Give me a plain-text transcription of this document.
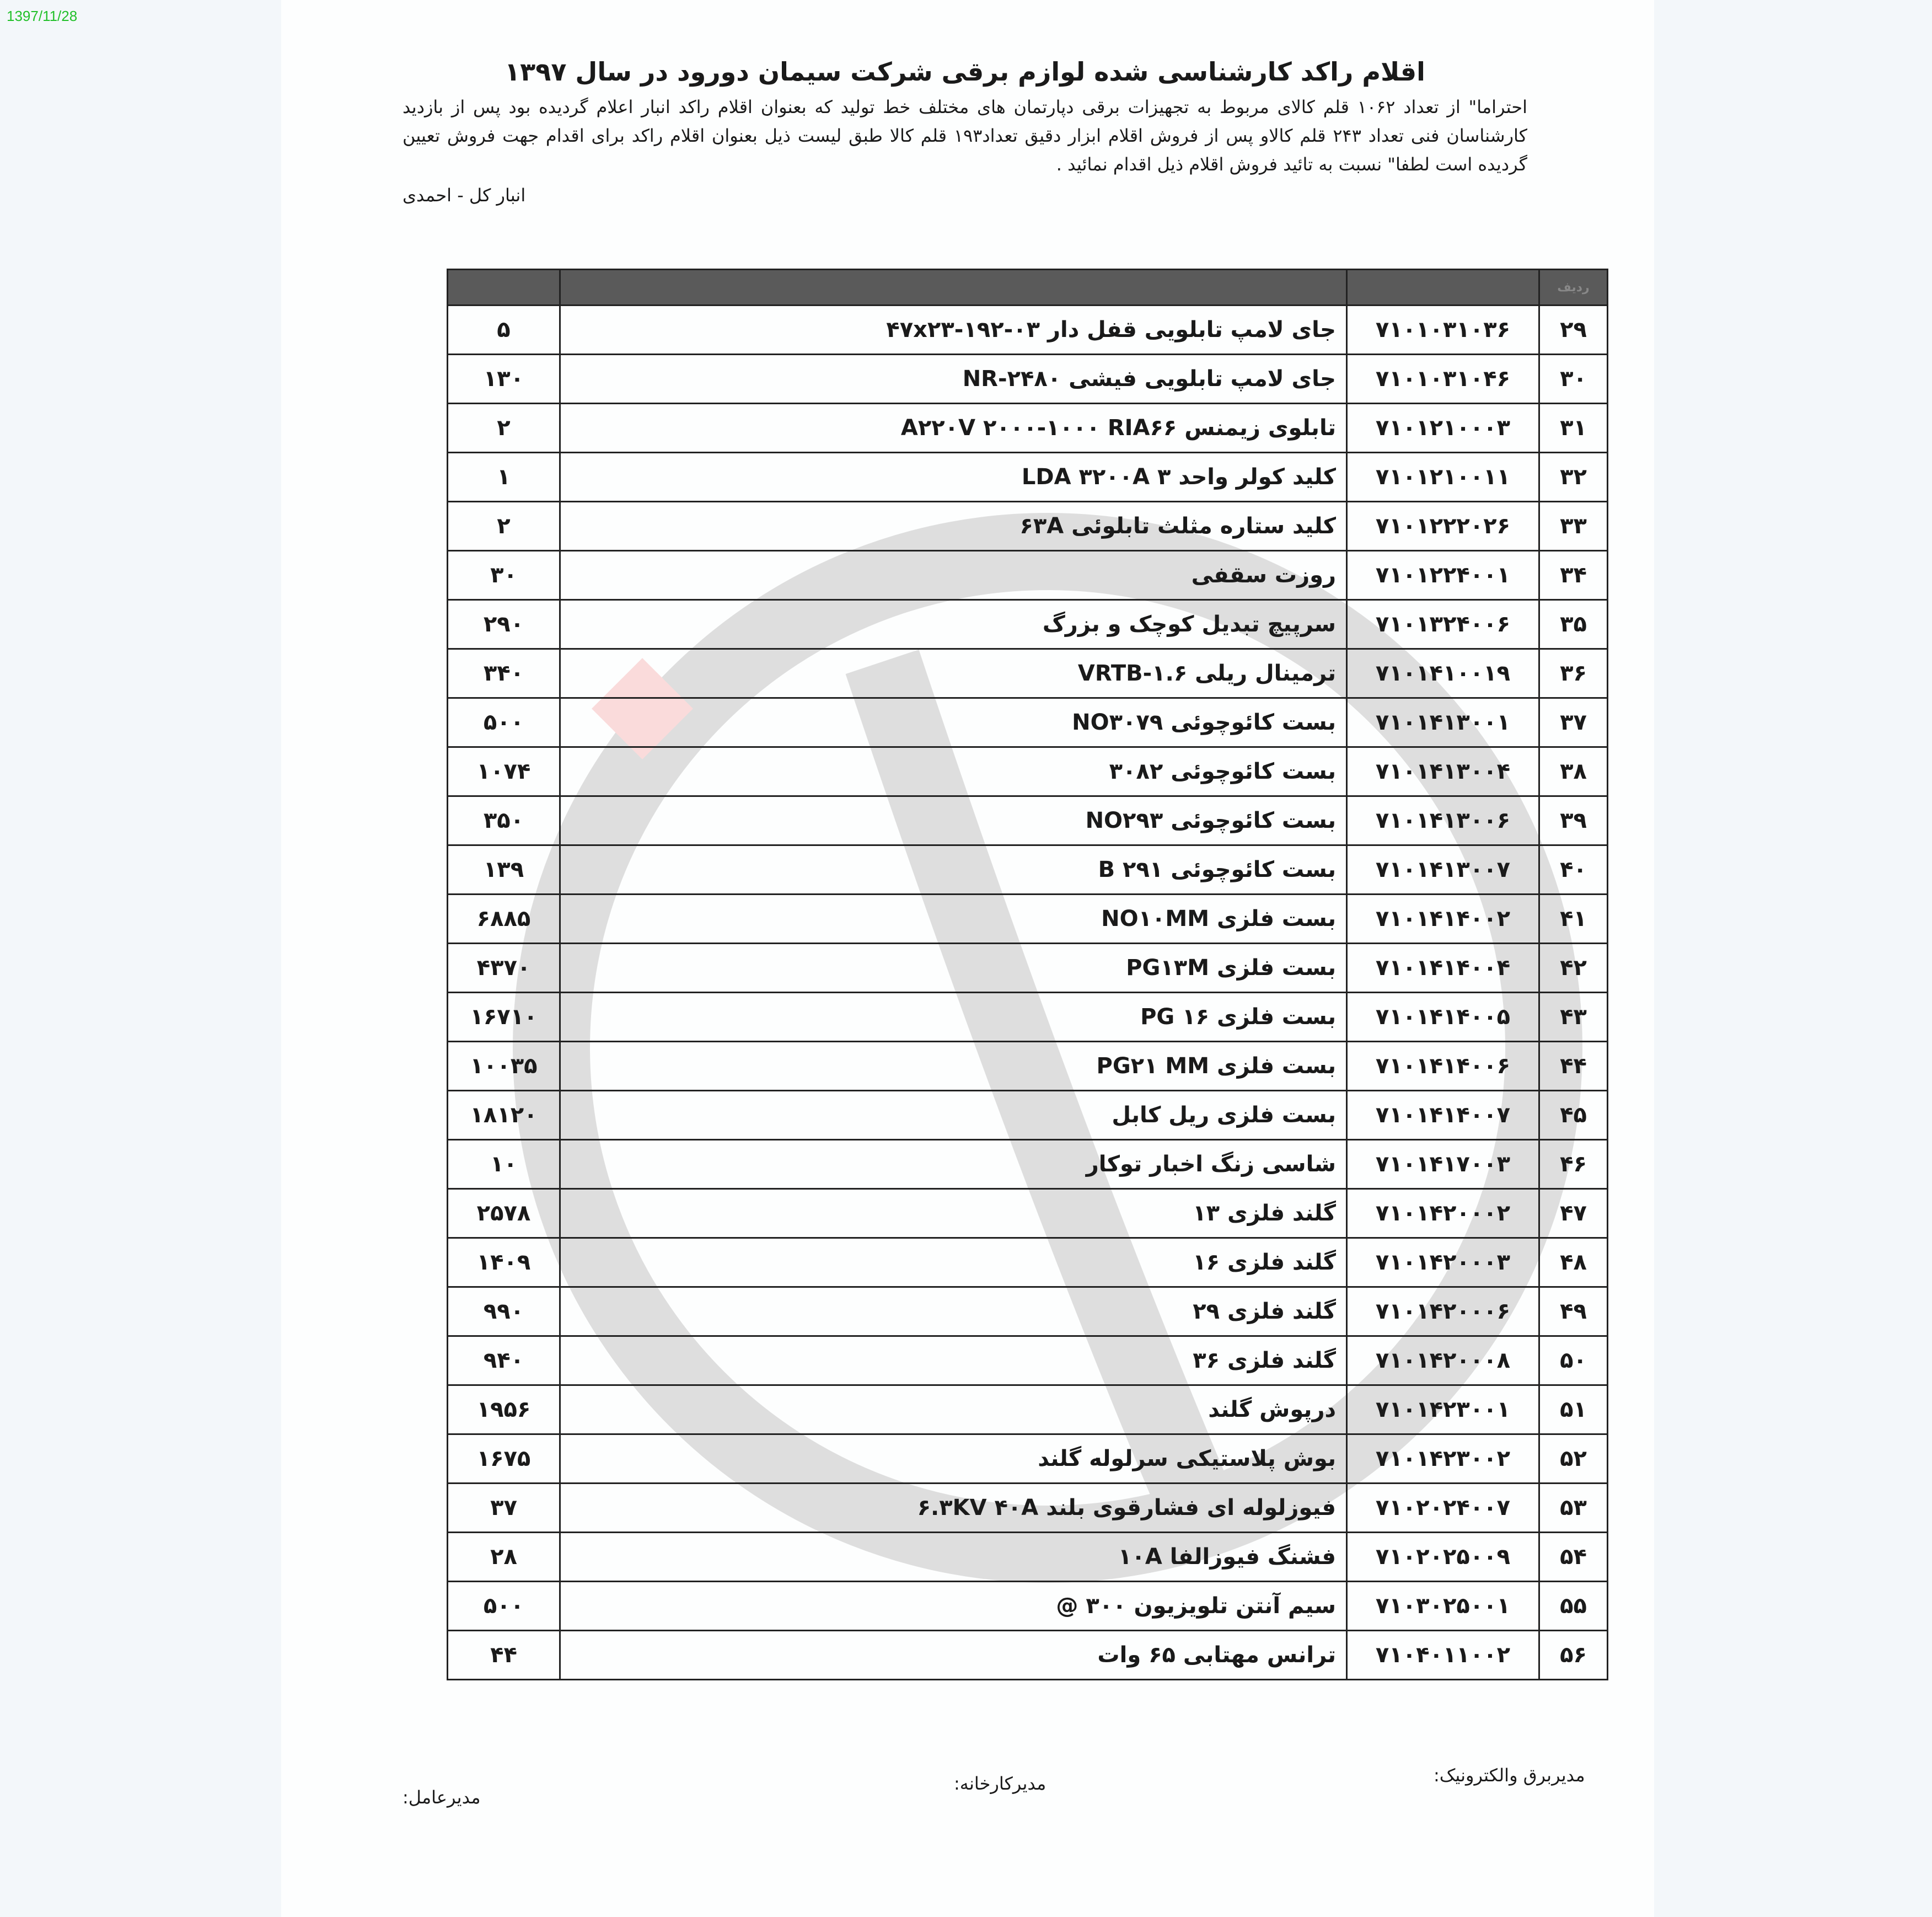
1397/11/28
اقلام راکد کارشناسی شده لوازم برقی شرکت سیمان دورود در سال ۱۳۹۷
احتراما" از تعداد ۱۰۶۲ قلم کالای مربوط به تجهیزات برقی دپارتمان های مختلف خط تولید که بعنوان اقلام راکد انبار اعلام گردیده بود پس از بازدید کارشناسان فنی تعداد ۲۴۳ قلم کالاو پس از فروش اقلام ابزار دقیق تعداد۱۹۳ قلم کالا طبق لیست ذیل بعنوان اقلام راکد برای اقدام جهت فروش تعیین گردیده است لطفا" نسبت به تائید فروش اقلام ذیل اقدام نمائید .
انبار کل - احمدی
ردیف			
۲۹	۷۱۰۱۰۳۱۰۳۶	جای لامپ تابلویی قفل دار ۰۳-۱۹۲-۴۷x۲۳	۵
۳۰	۷۱۰۱۰۳۱۰۴۶	جای لامپ تابلویی فیشی NR-۲۴۸۰	۱۳۰
۳۱	۷۱۰۱۲۱۰۰۰۳	تابلوی زیمنس A۲۲۰V ۲۰۰۰-۱۰۰۰ RIA۶۶	۲
۳۲	۷۱۰۱۲۱۰۰۱۱	کلید کولر واحد ۳ LDA ۳۲۰۰A	۱
۳۳	۷۱۰۱۲۲۲۰۲۶	کلید ستاره مثلث تابلوئی ۶۳A	۲
۳۴	۷۱۰۱۲۲۴۰۰۱	روزت سقفی	۳۰
۳۵	۷۱۰۱۳۲۴۰۰۶	سرپیچ تبدیل کوچک و بزرگ	۲۹۰
۳۶	۷۱۰۱۴۱۰۰۱۹	ترمینال ریلی VRTB-۱.۶	۳۴۰
۳۷	۷۱۰۱۴۱۳۰۰۱	بست کائوچوئی NO۳۰۷۹	۵۰۰
۳۸	۷۱۰۱۴۱۳۰۰۴	بست کائوچوئی ۳۰۸۲	۱۰۷۴
۳۹	۷۱۰۱۴۱۳۰۰۶	بست کائوچوئی NO۲۹۳	۳۵۰
۴۰	۷۱۰۱۴۱۳۰۰۷	بست کائوچوئی B ۲۹۱	۱۳۹
۴۱	۷۱۰۱۴۱۴۰۰۲	بست فلزی NO۱۰MM	۶۸۸۵
۴۲	۷۱۰۱۴۱۴۰۰۴	بست فلزی PG۱۳M	۴۳۷۰
۴۳	۷۱۰۱۴۱۴۰۰۵	بست فلزی PG ۱۶	۱۶۷۱۰
۴۴	۷۱۰۱۴۱۴۰۰۶	بست فلزی PG۲۱ MM	۱۰۰۳۵
۴۵	۷۱۰۱۴۱۴۰۰۷	بست فلزی ریل کابل	۱۸۱۲۰
۴۶	۷۱۰۱۴۱۷۰۰۳	شاسی زنگ اخبار توکار	۱۰
۴۷	۷۱۰۱۴۲۰۰۰۲	گلند فلزی ۱۳	۲۵۷۸
۴۸	۷۱۰۱۴۲۰۰۰۳	گلند فلزی ۱۶	۱۴۰۹
۴۹	۷۱۰۱۴۲۰۰۰۶	گلند فلزی ۲۹	۹۹۰
۵۰	۷۱۰۱۴۲۰۰۰۸	گلند فلزی ۳۶	۹۴۰
۵۱	۷۱۰۱۴۲۳۰۰۱	درپوش گلند	۱۹۵۶
۵۲	۷۱۰۱۴۲۳۰۰۲	بوش پلاستیکی سرلوله گلند	۱۶۷۵
۵۳	۷۱۰۲۰۲۴۰۰۷	فیوزلوله ای فشارقوی بلند ۶.۳KV ۴۰A	۳۷
۵۴	۷۱۰۲۰۲۵۰۰۹	فشنگ فیوزالفا ۱۰A	۲۸
۵۵	۷۱۰۳۰۲۵۰۰۱	سیم آنتن تلویزیون ۳۰۰ @	۵۰۰
۵۶	۷۱۰۴۰۱۱۰۰۲	ترانس مهتابی ۶۵ وات	۴۴
مدیربرق والکترونیک:
مدیرکارخانه:
مدیرعامل:
